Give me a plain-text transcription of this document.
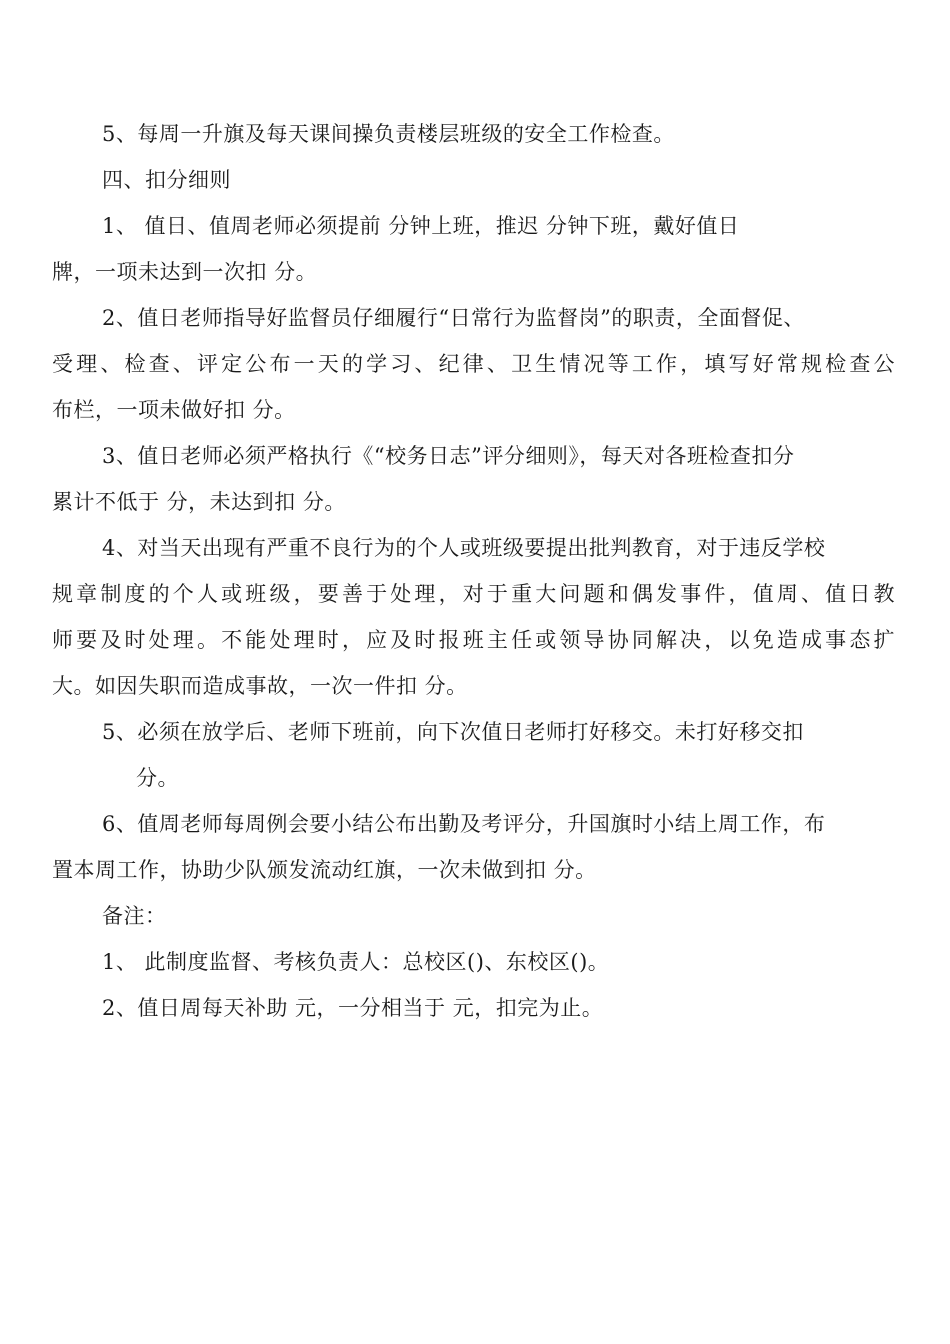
5、每周一升旗及每天课间操负责楼层班级的安全工作检查。
四、扣分细则
1、 值日、值周老师必须提前 分钟上班，推迟 分钟下班，戴好值日
牌，一项未达到一次扣 分。
2、值日老师指导好监督员仔细履行“日常行为监督岗”的职责，全面督促、
受理、检查、评定公布一天的学习、纪律、卫生情况等工作，填写好常规检查公
布栏，一项未做好扣 分。
3、值日老师必须严格执行《“校务日志”评分细则》，每天对各班检查扣分
累计不低于 分，未达到扣 分。
4、对当天出现有严重不良行为的个人或班级要提出批判教育，对于违反学校
规章制度的个人或班级，要善于处理，对于重大问题和偶发事件，值周、值日教
师要及时处理。不能处理时，应及时报班主任或领导协同解决，以免造成事态扩
大。如因失职而造成事故，一次一件扣 分。
5、必须在放学后、老师下班前，向下次值日老师打好移交。未打好移交扣
分。
6、值周老师每周例会要小结公布出勤及考评分，升国旗时小结上周工作，布
置本周工作，协助少队颁发流动红旗，一次未做到扣 分。
备注：
1、 此制度监督、考核负责人：总校区()、东校区()。
2、值日周每天补助 元，一分相当于 元，扣完为止。
